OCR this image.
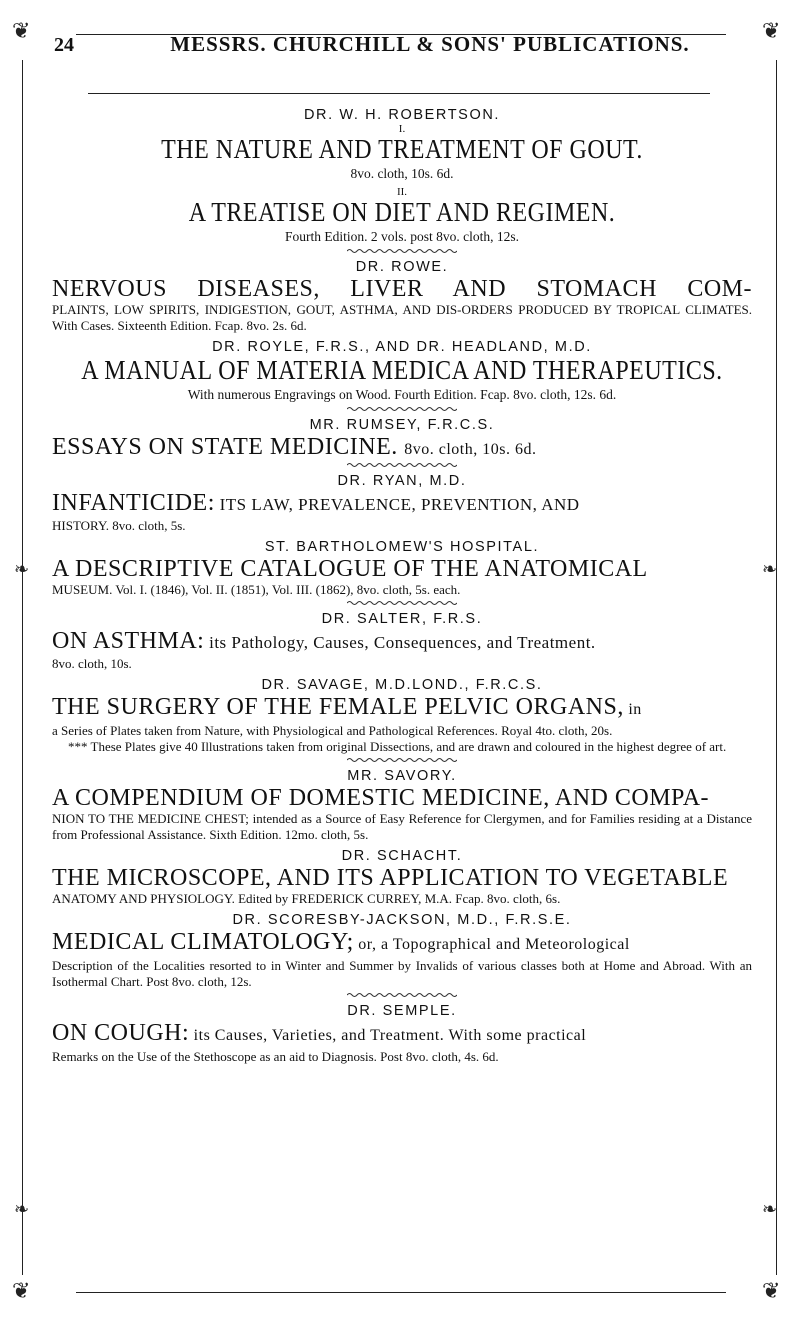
❦	❦
❦	❦
❧	❧
❧	❧
24	MESSRS. CHURCHILL & SONS' PUBLICATIONS.

DR. W. H. ROBERTSON.

I.

THE NATURE AND TREATMENT OF GOUT.

8vo. cloth, 10s. 6d.

II.

A TREATISE ON DIET AND REGIMEN.

Fourth Edition. 2 vols. post 8vo. cloth, 12s.

DR. ROWE.

NERVOUS DISEASES, LIVER AND STOMACH COM-

PLAINTS, LOW SPIRITS, INDIGESTION, GOUT, ASTHMA, AND DIS-ORDERS PRODUCED BY TROPICAL CLIMATES. With Cases. Sixteenth Edition. Fcap. 8vo. 2s. 6d.

DR. ROYLE, F.R.S., AND DR. HEADLAND, M.D.

A MANUAL OF MATERIA MEDICA AND THERAPEUTICS.

With numerous Engravings on Wood. Fourth Edition. Fcap. 8vo. cloth, 12s. 6d.

MR. RUMSEY, F.R.C.S.

ESSAYS ON STATE MEDICINE. 8vo. cloth, 10s. 6d.

DR. RYAN, M.D.

INFANTICIDE: ITS LAW, PREVALENCE, PREVENTION, AND

HISTORY. 8vo. cloth, 5s.

ST. BARTHOLOMEW'S HOSPITAL.

A DESCRIPTIVE CATALOGUE OF THE ANATOMICAL

MUSEUM. Vol. I. (1846), Vol. II. (1851), Vol. III. (1862), 8vo. cloth, 5s. each.

DR. SALTER, F.R.S.

ON ASTHMA: its Pathology, Causes, Consequences, and Treatment.

8vo. cloth, 10s.

DR. SAVAGE, M.D.LOND., F.R.C.S.

THE SURGERY OF THE FEMALE PELVIC ORGANS, in

a Series of Plates taken from Nature, with Physiological and Pathological References. Royal 4to. cloth, 20s.

*** These Plates give 40 Illustrations taken from original Dissections, and are drawn and coloured in the highest degree of art.

MR. SAVORY.

A COMPENDIUM OF DOMESTIC MEDICINE, AND COMPA-

NION TO THE MEDICINE CHEST; intended as a Source of Easy Reference for Clergymen, and for Families residing at a Distance from Professional Assistance. Sixth Edition. 12mo. cloth, 5s.

DR. SCHACHT.

THE MICROSCOPE, AND ITS APPLICATION TO VEGETABLE

ANATOMY AND PHYSIOLOGY. Edited by FREDERICK CURREY, M.A. Fcap. 8vo. cloth, 6s.

DR. SCORESBY-JACKSON, M.D., F.R.S.E.

MEDICAL CLIMATOLOGY; or, a Topographical and Meteorological

Description of the Localities resorted to in Winter and Summer by Invalids of various classes both at Home and Abroad. With an Isothermal Chart. Post 8vo. cloth, 12s.

DR. SEMPLE.

ON COUGH: its Causes, Varieties, and Treatment. With some practical

Remarks on the Use of the Stethoscope as an aid to Diagnosis. Post 8vo. cloth, 4s. 6d.
